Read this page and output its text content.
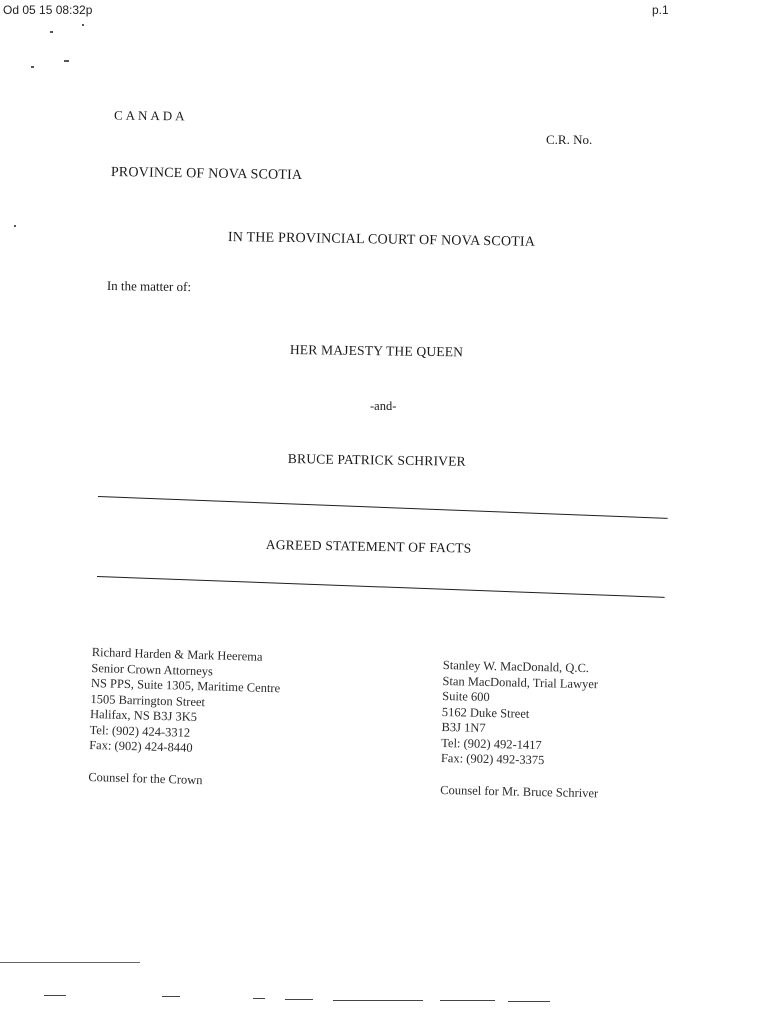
Od 05 15 08:32p	p.1
CANADA
C.R. No.
PROVINCE OF NOVA SCOTIA
IN THE PROVINCIAL COURT OF NOVA SCOTIA
In the matter of:
HER MAJESTY THE QUEEN
-and-
BRUCE PATRICK SCHRIVER
AGREED STATEMENT OF FACTS
Richard Harden & Mark Heerema
Senior Crown Attorneys
NS PPS, Suite 1305, Maritime Centre
1505 Barrington Street
Halifax, NS B3J 3K5
Tel: (902) 424-3312
Fax: (902) 424-8440
Counsel for the Crown
Stanley W. MacDonald, Q.C.
Stan MacDonald, Trial Lawyer
Suite 600
5162 Duke Street
B3J 1N7
Tel: (902) 492-1417
Fax: (902) 492-3375
Counsel for Mr. Bruce Schriver
